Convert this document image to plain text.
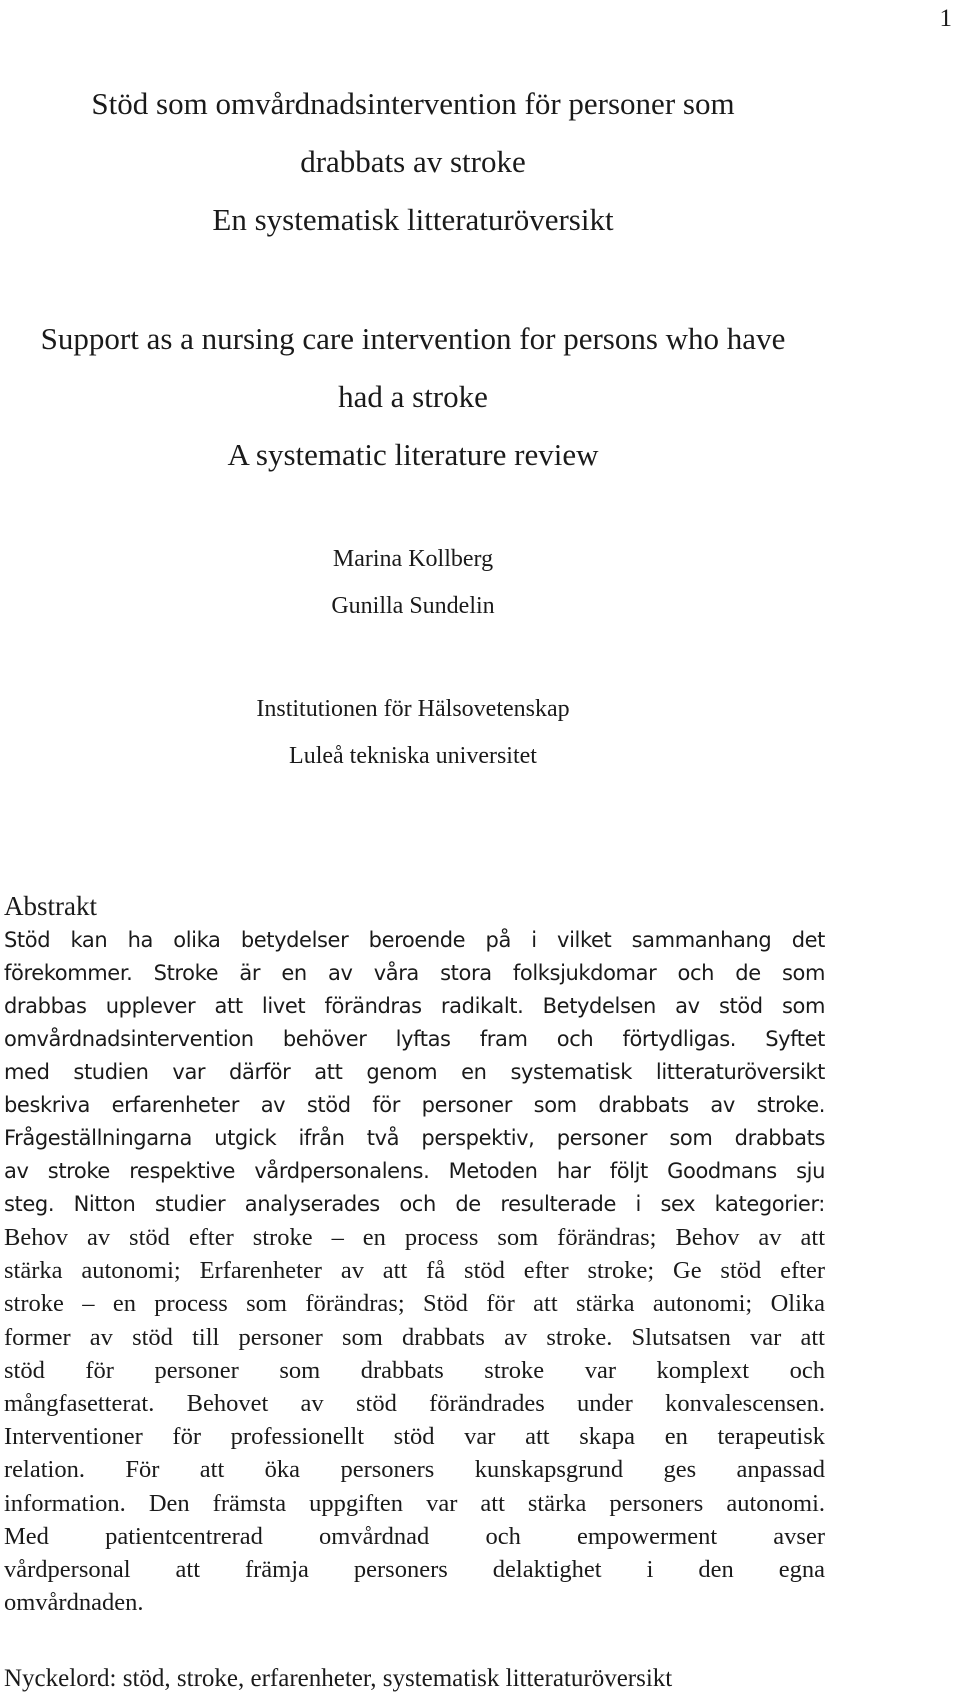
1
Stöd som omvårdnadsintervention för personer som
drabbats av stroke
En systematisk litteraturöversikt
Support as a nursing care intervention for persons who have
had a stroke
A systematic literature review
Marina Kollberg
Gunilla Sundelin
Institutionen för Hälsovetenskap
Luleå tekniska universitet
Abstrakt
Stöd kan ha olika betydelser beroende på i vilket sammanhang det
förekommer. Stroke är en av våra stora folksjukdomar och de som
drabbas upplever att livet förändras radikalt. Betydelsen av stöd som
omvårdnadsintervention behöver lyftas fram och förtydligas. Syftet
med studien var därför att genom en systematisk litteraturöversikt
beskriva erfarenheter av stöd för personer som drabbats av stroke.
Frågeställningarna utgick ifrån två perspektiv, personer som drabbats
av stroke respektive vårdpersonalens. Metoden har följt Goodmans sju
steg. Nitton studier analyserades och de resulterade i sex kategorier:
Behov av stöd efter stroke – en process som förändras; Behov av att
stärka autonomi; Erfarenheter av att få stöd efter stroke; Ge stöd efter
stroke – en process som förändras; Stöd för att stärka autonomi; Olika
former av stöd till personer som drabbats av stroke. Slutsatsen var att
stöd för personer som drabbats stroke var komplext och
mångfasetterat. Behovet av stöd förändrades under konvalescensen.
Interventioner för professionellt stöd var att skapa en terapeutisk
relation. För att öka personers kunskapsgrund ges anpassad
information. Den främsta uppgiften var att stärka personers autonomi.
Med patientcentrerad omvårdnad och empowerment avser
vårdpersonal att främja personers delaktighet i den egna
omvårdnaden.
Nyckelord: stöd, stroke, erfarenheter, systematisk litteraturöversikt
